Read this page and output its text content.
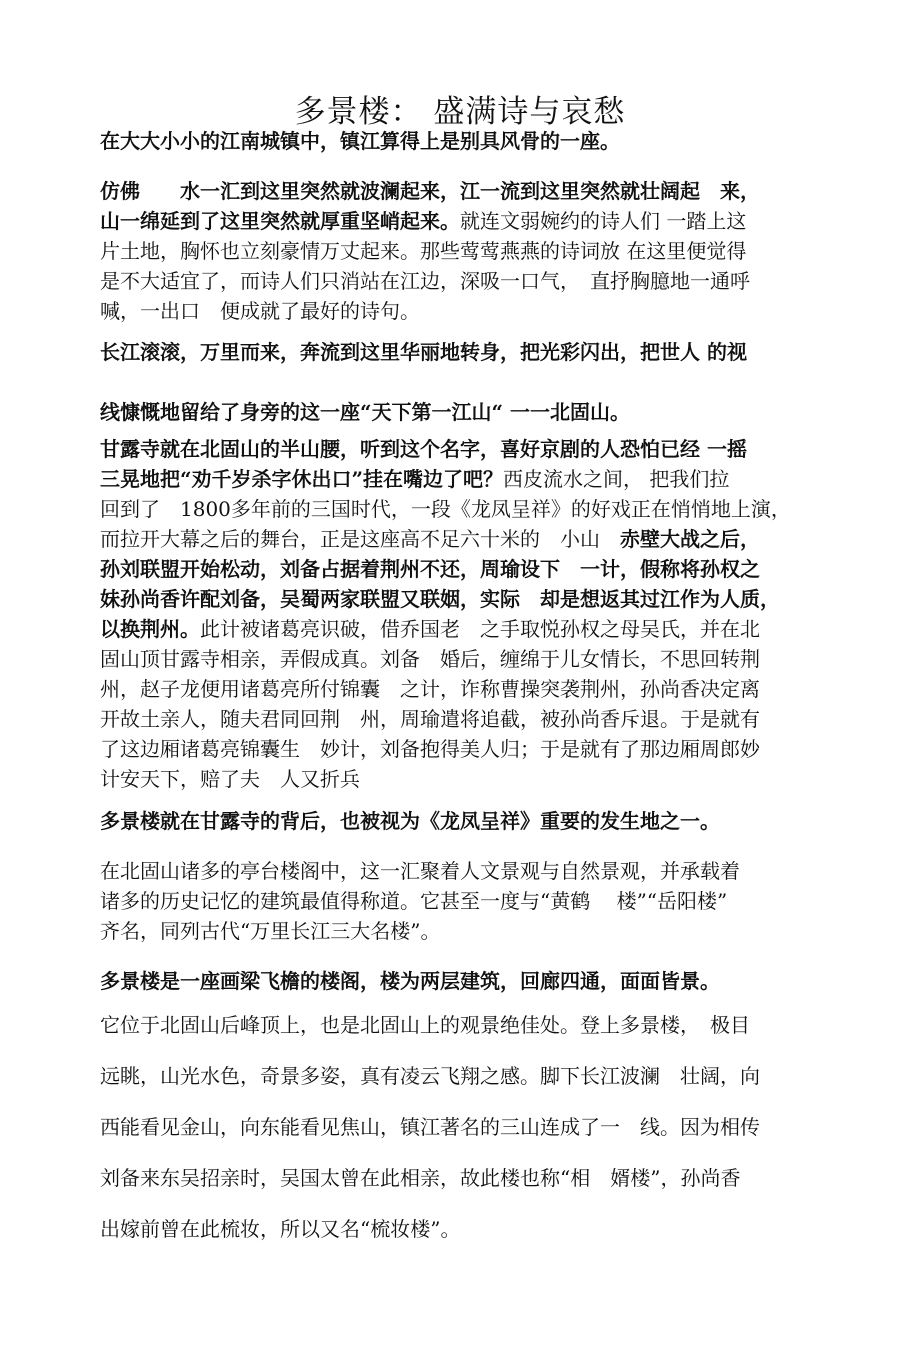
多景楼： 盛满诗与哀愁
在大大小小的江南城镇中，镇江算得上是别具风骨的一座。
仿佛　　水一汇到这里突然就波澜起来，江一流到这里突然就壮阔起　来，
山一绵延到了这里突然就厚重坚峭起来。就连文弱婉约的诗人们 一踏上这
片土地，胸怀也立刻豪情万丈起来。那些莺莺燕燕的诗词放 在这里便觉得
是不大适宜了，而诗人们只消站在江边，深吸一口气，　直抒胸臆地一通呼
喊，一出口　便成就了最好的诗句。
长江滚滚，万里而来，奔流到这里华丽地转身，把光彩闪出，把世人 的视
线慷慨地留给了身旁的这一座“天下第一江山“ 一一北固山。
甘露寺就在北固山的半山腰，听到这个名字，喜好京剧的人恐怕已经 一摇
三晃地把“劝千岁杀字休出口”挂在嘴边了吧？西皮流水之间， 把我们拉
回到了　1800多年前的三国时代，一段《龙凤呈祥》的好戏正在悄悄地上演，
而拉开大幕之后的舞台，正是这座高不足六十米的　小山　赤壁大战之后，
孙刘联盟开始松动，刘备占据着荆州不还，周瑜设下　一计，假称将孙权之
妹孙尚香许配刘备，吴蜀两家联盟又联姻，实际　却是想返其过江作为人质，
以换荆州。此计被诸葛亮识破，借乔国老　之手取悦孙权之母吴氏，并在北
固山顶甘露寺相亲，弄假成真。刘备　婚后，缠绵于儿女情长，不思回转荆
州，赵子龙便用诸葛亮所付锦囊　之计，诈称曹操突袭荆州，孙尚香决定离
开故土亲人，随夫君同回荆　州，周瑜遣将追截，被孙尚香斥退。于是就有
了这边厢诸葛亮锦囊生　妙计，刘备抱得美人归；于是就有了那边厢周郎妙
计安天下，赔了夫　人又折兵
多景楼就在甘露寺的背后，也被视为《龙凤呈祥》重要的发生地之一。
在北固山诸多的亭台楼阁中，这一汇聚着人文景观与自然景观，并承载着
诸多的历史记忆的建筑最值得称道。它甚至一度与“黄鹤　 楼”“岳阳楼”
齐名，同列古代“万里长江三大名楼”。
多景楼是一座画梁飞檐的楼阁，楼为两层建筑，回廊四通，面面皆景。
它位于北固山后峰顶上，也是北固山上的观景绝佳处。登上多景楼，　极目
远眺，山光水色，奇景多姿，真有凌云飞翔之感。脚下长江波澜　壮阔，向
西能看见金山，向东能看见焦山，镇江著名的三山连成了一　线。因为相传
刘备来东吴招亲时，吴国太曾在此相亲，故此楼也称“相　婿楼”，孙尚香
出嫁前曾在此梳妆，所以又名“梳妆楼”。
